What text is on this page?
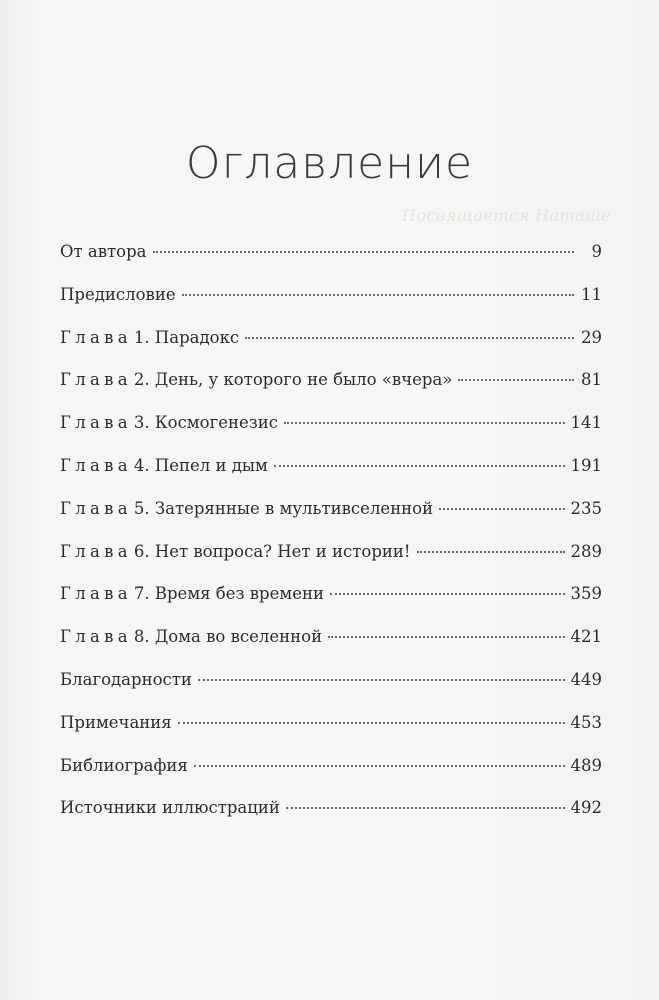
Оглавление
Посвящается Наташе
От автора	9
Предисловие	11
Глава 1. Парадокс	29
Глава 2. День, у которого не было «вчера»	81
Глава 3. Космогенезис	141
Глава 4. Пепел и дым	191
Глава 5. Затерянные в мультивселенной	235
Глава 6. Нет вопроса? Нет и истории!	289
Глава 7. Время без времени	359
Глава 8. Дома во вселенной	421
Благодарности	449
Примечания	453
Библиография	489
Источники иллюстраций	492
